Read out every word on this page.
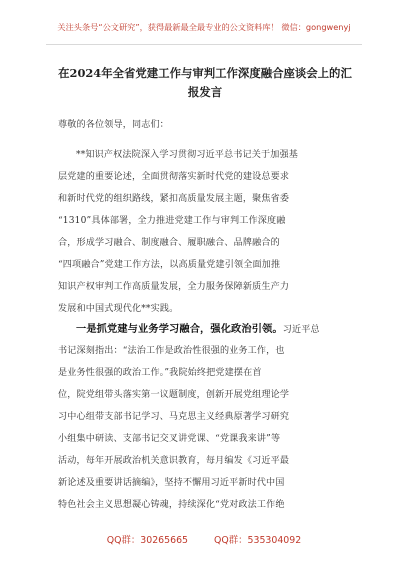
关注头条号“公文研究”，获得最新最全最专业的公文资料库！ 微信：gongwenyj
在2024年全省党建工作与审判工作深度融合座谈会上的汇
报发言
尊敬的各位领导，同志们：
**知识产权法院深入学习贯彻习近平总书记关于加强基
层党建的重要论述，全面贯彻落实新时代党的建设总要求
和新时代党的组织路线，紧扣高质量发展主题，聚焦省委
“1310”具体部署，全力推进党建工作与审判工作深度融
合，形成学习融合、制度融合、履职融合、品牌融合的
“四项融合”党建工作方法，以高质量党建引领全面加推
知识产权审判工作高质量发展，全力服务保障新质生产力
发展和中国式现代化**实践。
一是抓党建与业务学习融合，强化政治引领。习近平总
书记深刻指出：“法治工作是政治性很强的业务工作，也
是业务性很强的政治工作。”我院始终把党建摆在首
位，院党组带头落实第一议题制度，创新开展党组理论学
习中心组带支部书记学习、马克思主义经典原著学习研究
小组集中研读、支部书记交叉讲党课、“党课我来讲”等
活动，每年开展政治机关意识教育，每月编发《习近平最
新论述及重要讲话摘编》，坚持不懈用习近平新时代中国
特色社会主义思想凝心铸魂，持续深化“党对政法工作绝
QQ群：30265665	QQ群：535304092
